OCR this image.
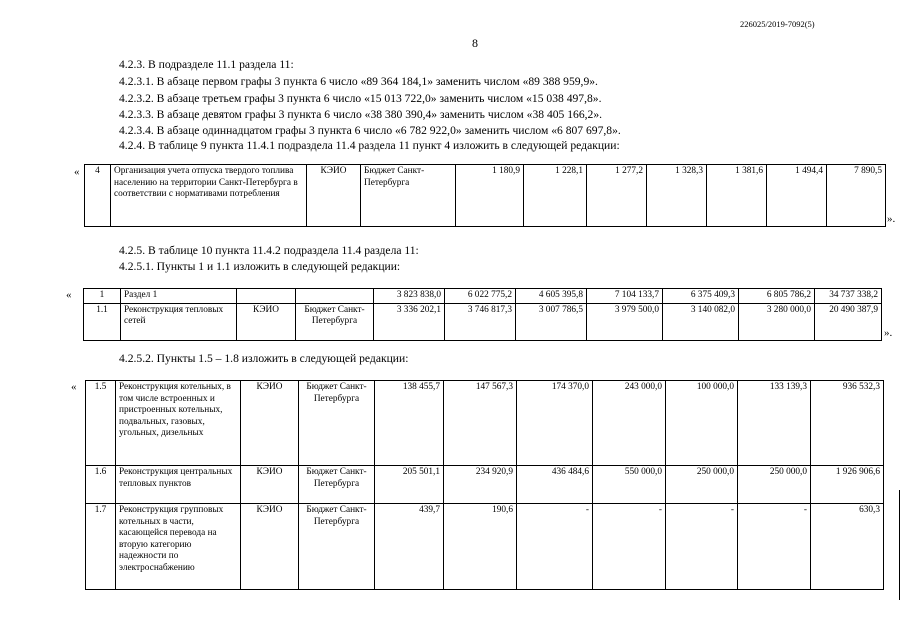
226025/2019-7092(5)
8
4.2.3. В подразделе 11.1 раздела 11:
4.2.3.1. В абзаце первом графы 3 пункта 6 число «89 364 184,1» заменить числом «89 388 959,9».
4.2.3.2. В абзаце третьем графы 3 пункта 6 число «15 013 722,0» заменить числом «15 038 497,8».
4.2.3.3. В абзаце девятом графы 3 пункта 6 число «38 380 390,4» заменить числом «38 405 166,2».
4.2.3.4. В абзаце одиннадцатом графы 3 пункта 6 число «6 782 922,0» заменить числом «6 807 697,8».
4.2.4. В таблице 9 пункта 11.4.1 подраздела 11.4 раздела 11 пункт 4 изложить в следующей редакции:
« 4	Организация учета отпуска твердого топлива населению на территории Санкт-Петербурга в соответствии с нормативами потребления	КЭИО	Бюджет Санкт-Петербурга	1 180,9	1 228,1	1 277,2	1 328,3	1 381,6	1 494,4	7 890,5
».
4.2.5. В таблице 10 пункта 11.4.2 подраздела 11.4 раздела 11:
4.2.5.1. Пункты 1 и 1.1 изложить в следующей редакции:
«	1	Раздел 1			3 823 838,0	6 022 775,2	4 605 395,8	7 104 133,7	6 375 409,3	6 805 786,2	34 737 338,2
1.1	Реконструкция тепловых сетей	КЭИО	Бюджет Санкт-Петербурга	3 336 202,1	3 746 817,3	3 007 786,5	3 979 500,0	3 140 082,0	3 280 000,0	20 490 387,9
».
4.2.5.2. Пункты 1.5 – 1.8 изложить в следующей редакции:
« 1.5	Реконструкция котельных, в том числе встроенных и пристроенных котельных, подвальных, газовых, угольных, дизельных	КЭИО	Бюджет Санкт-Петербурга	138 455,7	147 567,3	174 370,0	243 000,0	100 000,0	133 139,3	936 532,3
1.6	Реконструкция центральных тепловых пунктов	КЭИО	Бюджет Санкт-Петербурга	205 501,1	234 920,9	436 484,6	550 000,0	250 000,0	250 000,0	1 926 906,6
1.7	Реконструкция групповых котельных в части, касающейся перевода на вторую категорию надежности по электроснабжению	КЭИО	Бюджет Санкт-Петербурга	439,7	190,6	-	-	-	-	630,3
